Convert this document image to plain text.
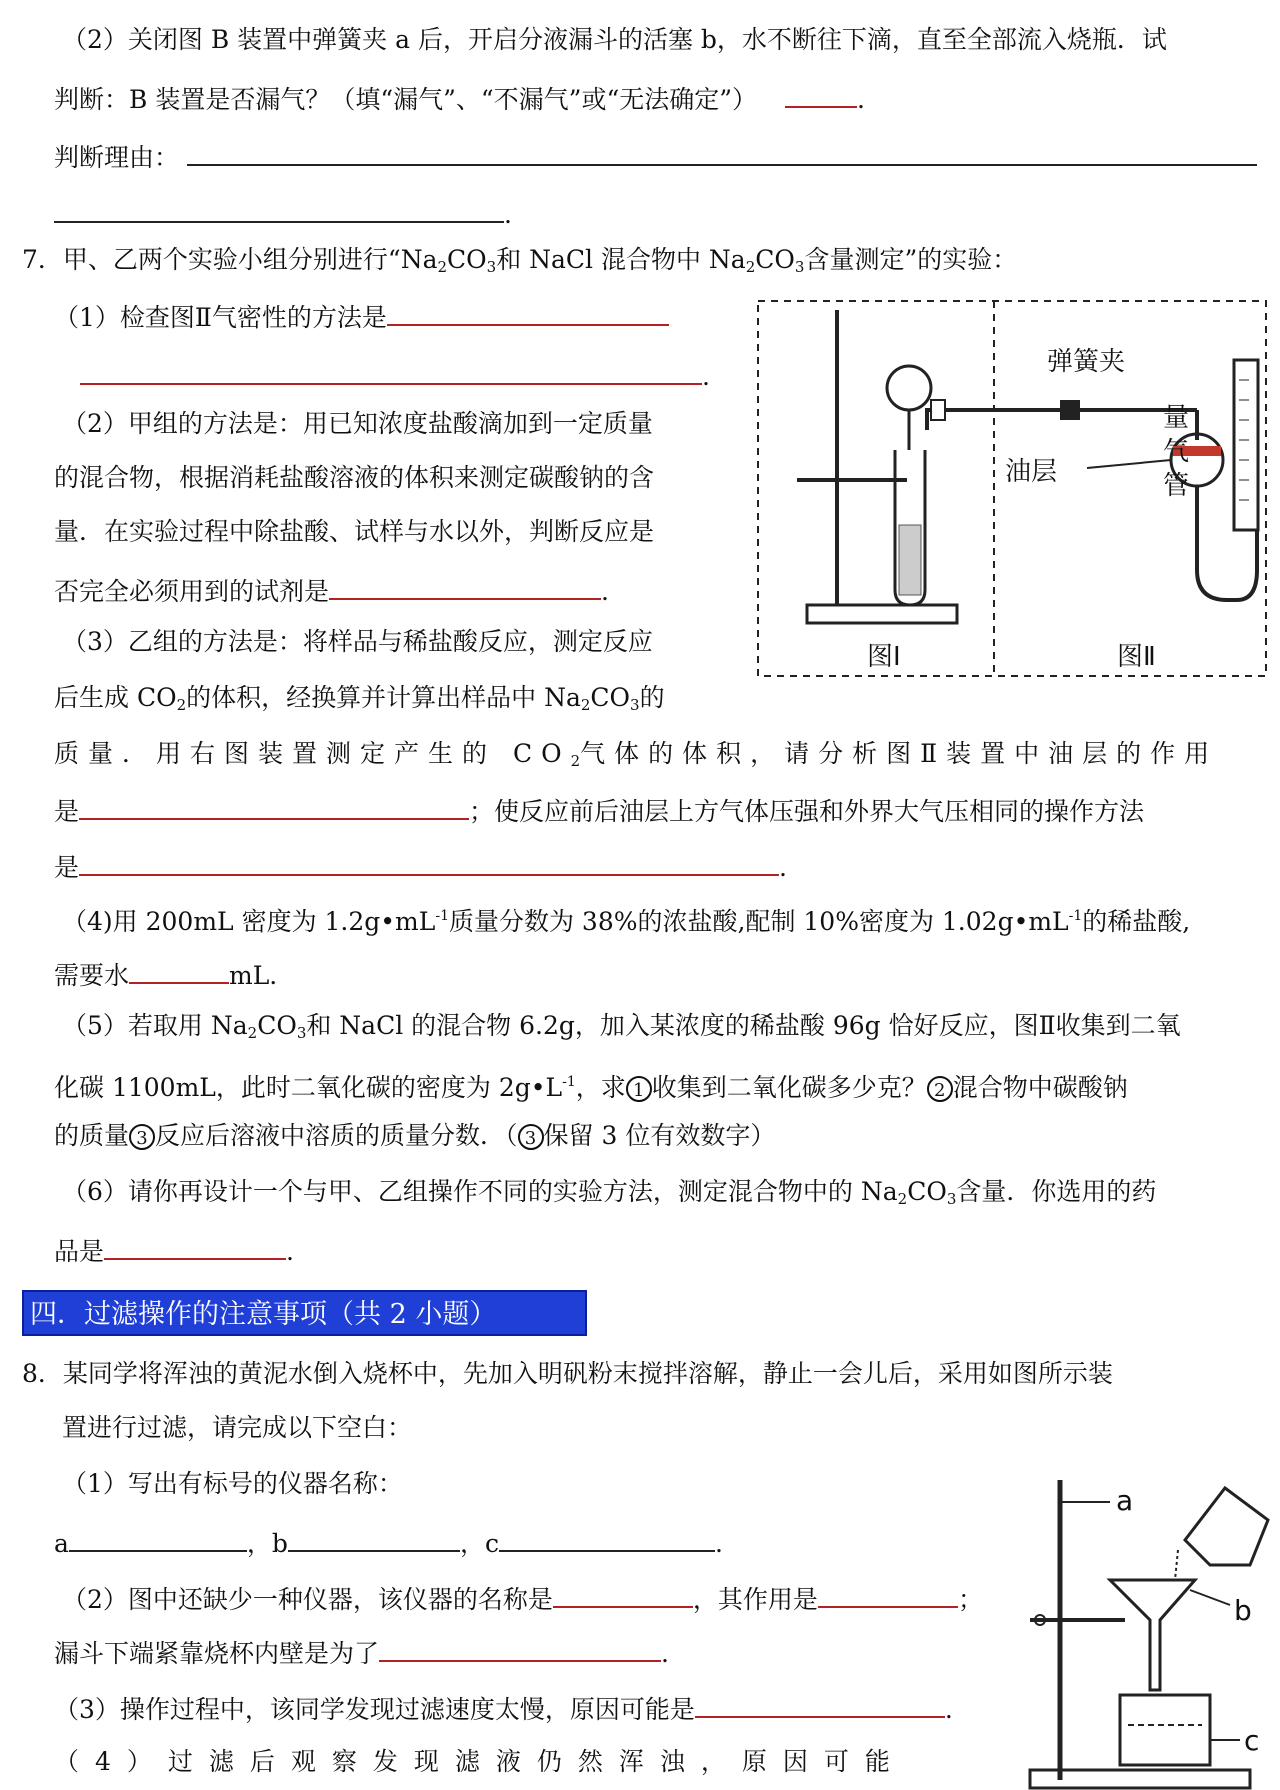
（2）关闭图 B 装置中弹簧夹 a 后，开启分液漏斗的活塞 b，水不断往下滴，直至全部流入烧瓶．试
判断：B 装置是否漏气？（填“漏气”、“不漏气”或“无法确定”）	.
判断理由：
.
7．甲、乙两个实验小组分别进行“$Na_2CO_3$和 NaCl 混合物中 $Na_2CO_3$含量测定”的实验：
（1）检查图Ⅱ气密性的方法是
.
（2）甲组的方法是：用已知浓度盐酸滴加到一定质量
的混合物，根据消耗盐酸溶液的体积来测定碳酸钠的含
量．在实验过程中除盐酸、试样与水以外，判断反应是
否完全必须用到的试剂是	.
（3）乙组的方法是：将样品与稀盐酸反应，测定反应
后生成 $CO_2$的体积，经换算并计算出样品中 $Na_2CO_3$的
弹簧夹
油层
量
气
管
图Ⅰ	图Ⅱ
质量．用右图装置测定产生的 $CO_2$气体的体积，请分析图Ⅱ装置中油层的作用
是	；使反应前后油层上方气体压强和外界大气压相同的操作方法
是	.
（4)用 200mL 密度为 $1.2g•mL^{-1}$质量分数为 38%的浓盐酸,配制 10%密度为 $1.02g•mL^{-1}$的稀盐酸,
需要水	mL．
（5）若取用 $Na_2CO_3$和 NaCl 的混合物 6.2g，加入某浓度的稀盐酸 96g 恰好反应，图Ⅱ收集到二氧
化碳 1100mL，此时二氧化碳的密度为 $2g•L^{-1}$，求 1 收集到二氧化碳多少克？ 2 混合物中碳酸钠
的质量 3 反应后溶液中溶质的质量分数．（ 3 保留 3 位有效数字）
（6）请你再设计一个与甲、乙组操作不同的实验方法，测定混合物中的 $Na_2CO_3$含量．你选用的药
品是	.
四．过滤操作的注意事项（共 2 小题）
8．某同学将浑浊的黄泥水倒入烧杯中，先加入明矾粉末搅拌溶解，静止一会儿后，采用如图所示装
置进行过滤，请完成以下空白：
（1）写出有标号的仪器名称：
a	，b	，c	.
（2）图中还缺少一种仪器，该仪器的名称是	，其作用是	；
漏斗下端紧靠烧杯内壁是为了	.
（3）操作过程中，该同学发现过滤速度太慢，原因可能是	.
（4）过滤后观察发现滤液仍然浑浊，原因可能
a
b
c
